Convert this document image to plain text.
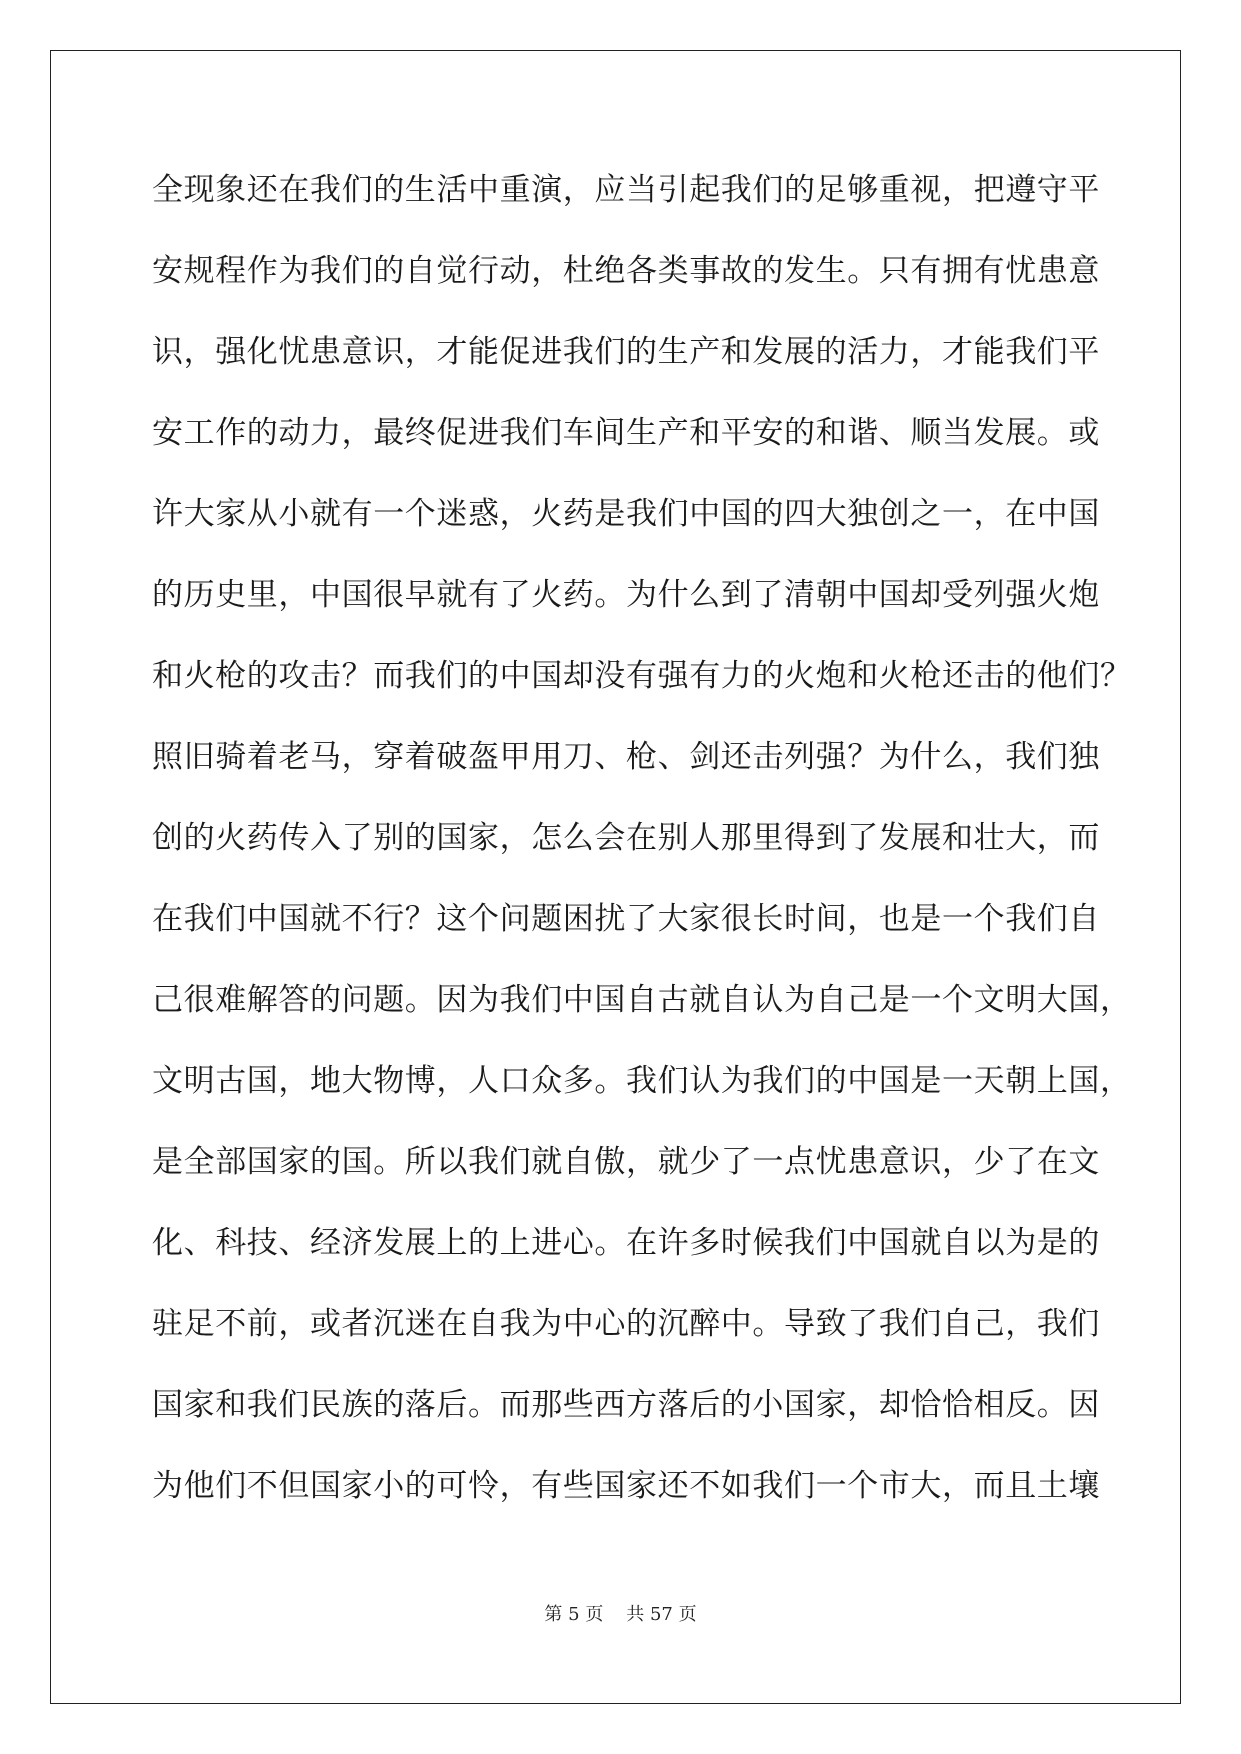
全现象还在我们的生活中重演，应当引起我们的足够重视，把遵守平
安规程作为我们的自觉行动，杜绝各类事故的发生。只有拥有忧患意
识，强化忧患意识，才能促进我们的生产和发展的活力，才能我们平
安工作的动力，最终促进我们车间生产和平安的和谐、顺当发展。或
许大家从小就有一个迷惑，火药是我们中国的四大独创之一，在中国
的历史里，中国很早就有了火药。为什么到了清朝中国却受列强火炮
和火枪的攻击？而我们的中国却没有强有力的火炮和火枪还击的他们？
照旧骑着老马，穿着破盔甲用刀、枪、剑还击列强？为什么，我们独
创的火药传入了别的国家，怎么会在别人那里得到了发展和壮大，而
在我们中国就不行？这个问题困扰了大家很长时间，也是一个我们自
己很难解答的问题。因为我们中国自古就自认为自己是一个文明大国，
文明古国，地大物博，人口众多。我们认为我们的中国是一天朝上国，
是全部国家的国。所以我们就自傲，就少了一点忧患意识，少了在文
化、科技、经济发展上的上进心。在许多时候我们中国就自以为是的
驻足不前，或者沉迷在自我为中心的沉醉中。导致了我们自己，我们
国家和我们民族的落后。而那些西方落后的小国家，却恰恰相反。因
为他们不但国家小的可怜，有些国家还不如我们一个市大，而且土壤
第 5 页 共 57 页
